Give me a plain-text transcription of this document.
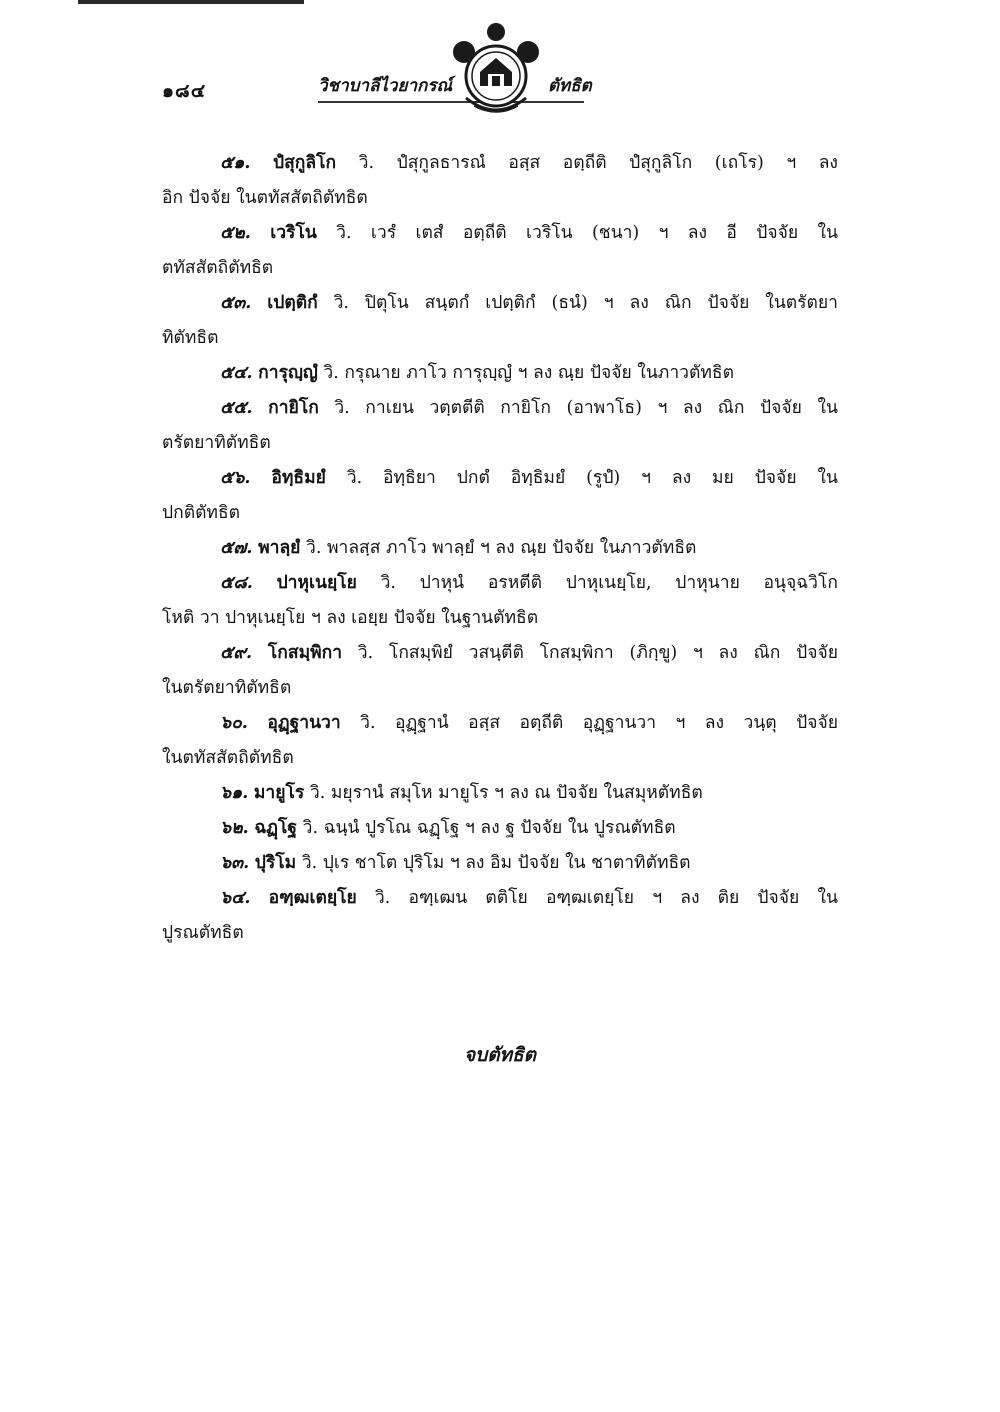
๑๘๔	วิชาบาลีไวยากรณ์	ตัทธิต
๕๑. ปํสุกูลิโก วิ. ปํสุกูลธารณํ อสฺส อตฺถีติ ปํสุกูลิโก (เถโร) ฯ ลง
อิก ปัจจัย ในตทัสสัตถิตัทธิต
๕๒. เวริโน วิ. เวรํ เตสํ อตฺถีติ เวริโน (ชนา) ฯ ลง อี ปัจจัย ใน
ตทัสสัตถิตัทธิต
๕๓. เปตฺติกํ วิ. ปิตุโน สนฺตกํ เปตฺติกํ (ธนํ) ฯ ลง ณิก ปัจจัย ในตรัตยา
ทิตัทธิต
๕๔. การุญฺญํ วิ. กรุณาย ภาโว การุญฺญํ ฯ ลง ณฺย ปัจจัย ในภาวตัทธิต
๕๕. กายิโก วิ. กาเยน วตฺตตีติ กายิโก (อาพาโธ) ฯ ลง ณิก ปัจจัย ใน
ตรัตยาทิตัทธิต
๕๖. อิทฺธิมยํ วิ. อิทฺธิยา ปกตํ อิทฺธิมยํ (รูปํ) ฯ ลง มย ปัจจัย ใน
ปกติตัทธิต
๕๗. พาลฺยํ วิ. พาลสฺส ภาโว พาลฺยํ ฯ ลง ณฺย ปัจจัย ในภาวตัทธิต
๕๘. ปาหุเนยฺโย วิ. ปาหุนํ อรหตีติ ปาหุเนยฺโย, ปาหุนาย อนุจฺฉวิโก
โหติ วา ปาหุเนยฺโย ฯ ลง เอยฺย ปัจจัย ในฐานตัทธิต
๕๙. โกสมฺพิกา วิ. โกสมฺพิยํ วสนฺตีติ โกสมฺพิกา (ภิกฺขู) ฯ ลง ณิก ปัจจัย
ในตรัตยาทิตัทธิต
๖๐. อุฏฺฐานวา วิ. อุฏฺฐานํ อสฺส อตฺถีติ อุฏฺฐานวา ฯ ลง วนฺตุ ปัจจัย
ในตทัสสัตถิตัทธิต
๖๑. มายูโร วิ. มยุรานํ สมุโห มายูโร ฯ ลง ณ ปัจจัย ในสมุหตัทธิต
๖๒. ฉฏฺโฐ วิ. ฉนฺนํ ปูรโณ ฉฏฺโฐ ฯ ลง ฐ ปัจจัย ใน ปูรณตัทธิต
๖๓. ปุริโม วิ. ปุเร ชาโต ปุริโม ฯ ลง อิม ปัจจัย ใน ชาตาทิตัทธิต
๖๔. อฑฺฒเตยฺโย วิ. อฑฺเฒน ตติโย อฑฺฒเตยฺโย ฯ ลง ติย ปัจจัย ใน
ปูรณตัทธิต
จบตัทธิต
